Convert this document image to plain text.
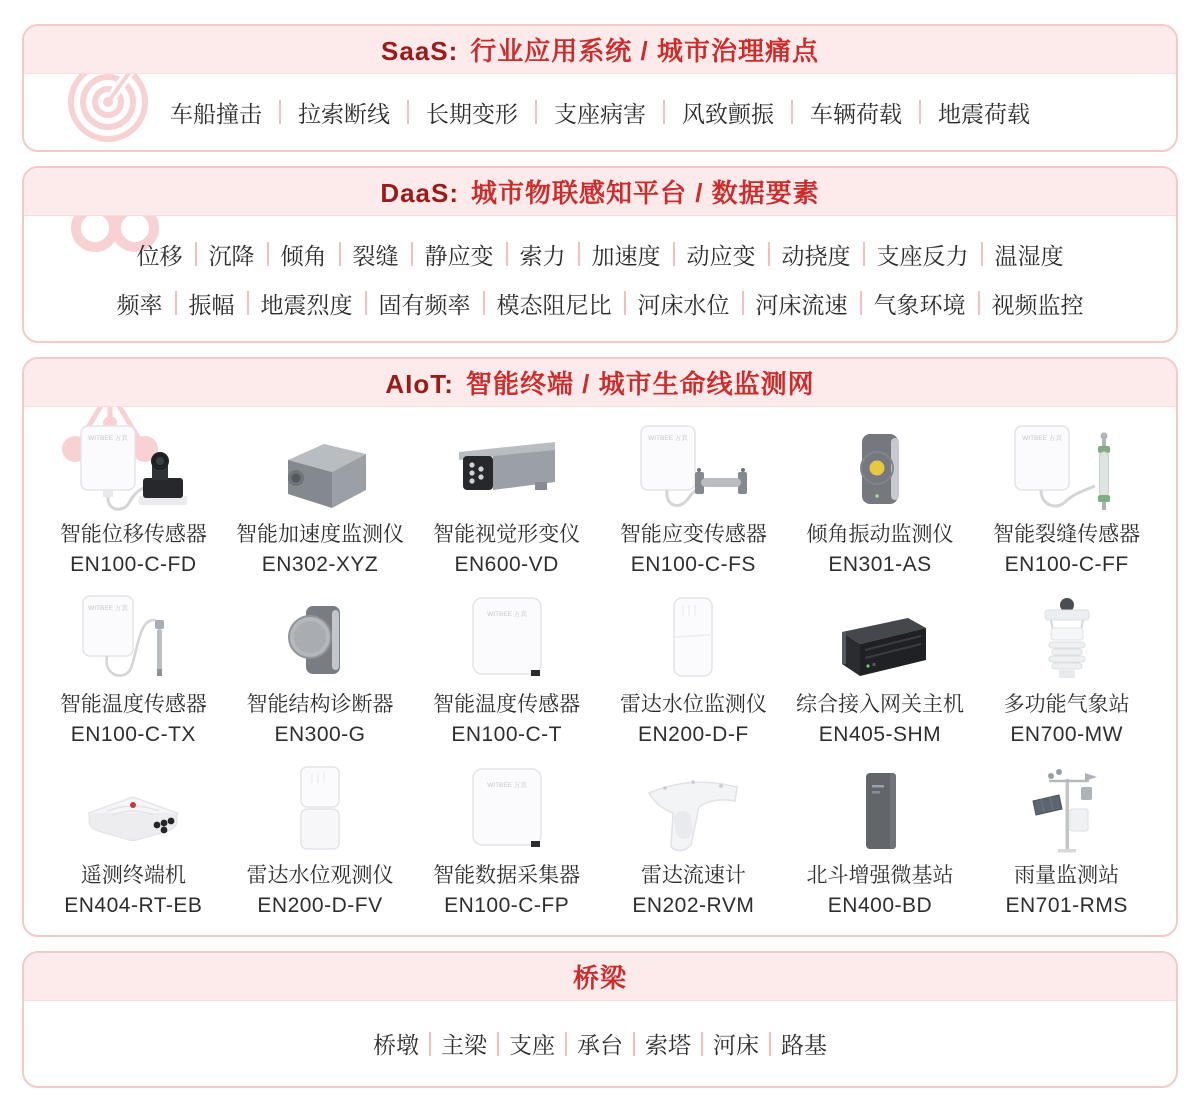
SaaS: 行业应用系统 / 城市治理痛点
车船撞击	拉索断线	长期变形	支座病害	风致颤振	车辆荷载	地震荷载
DaaS: 城市物联感知平台 / 数据要素
位移	沉降	倾角	裂缝	静应变	索力	加速度	动应变	动挠度	支座反力	温湿度
频率	振幅	地震烈度	固有频率	模态阻尼比	河床水位	河床流速	气象环境	视频监控
AIoT: 智能终端 / 城市生命线监测网
WITBEE 万宾
智能位移传感器
EN100-C-FD
智能加速度监测仪
EN302-XYZ
智能视觉形变仪
EN600-VD
WITBEE 万宾
智能应变传感器
EN100-C-FS
倾角振动监测仪
EN301-AS
WITBEE 万宾
智能裂缝传感器
EN100-C-FF
WITBEE 万宾
智能温度传感器
EN100-C-TX
智能结构诊断器
EN300-G
WITBEE 万宾
智能温度传感器
EN100-C-T
雷达水位监测仪
EN200-D-F
综合接入网关主机
EN405-SHM
多功能气象站
EN700-MW
遥测终端机
EN404-RT-EB
雷达水位观测仪
EN200-D-FV
WITBEE 万宾
智能数据采集器
EN100-C-FP
雷达流速计
EN202-RVM
北斗增强微基站
EN400-BD
雨量监测站
EN701-RMS
桥梁
桥墩 主梁 支座 承台 索塔 河床 路基
